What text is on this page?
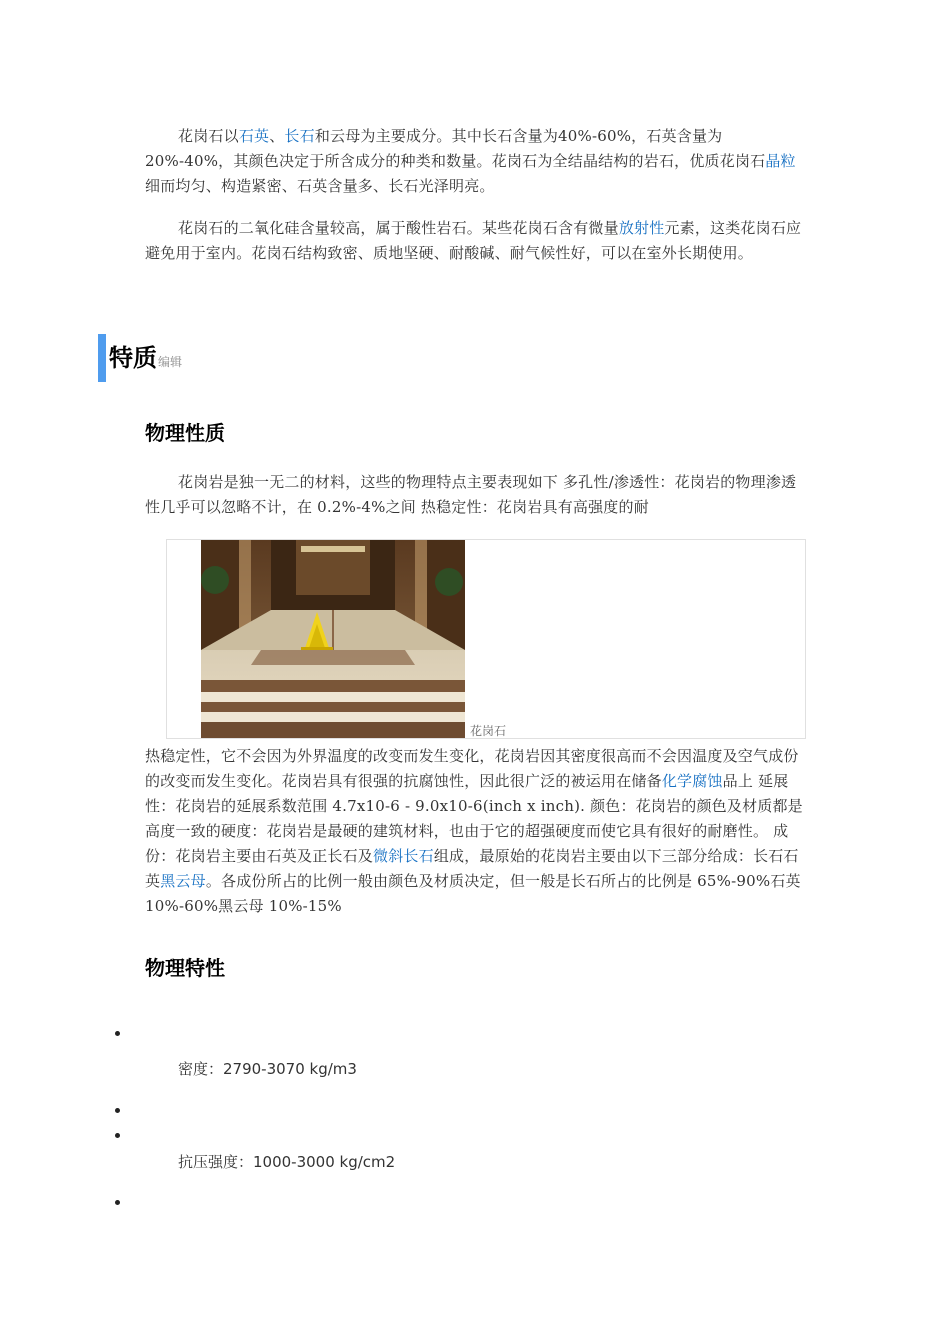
花岗石以石英、长石和云母为主要成分。其中长石含量为40%-60%，石英含量为20%-40%，其颜色决定于所含成分的种类和数量。花岗石为全结晶结构的岩石，优质花岗石晶粒细而均匀、构造紧密、石英含量多、长石光泽明亮。

花岗石的二氧化硅含量较高，属于酸性岩石。某些花岗石含有微量放射性元素，这类花岗石应避免用于室内。花岗石结构致密、质地坚硬、耐酸碱、耐气候性好，可以在室外长期使用。

特质编辑
物理性质

花岗岩是独一无二的材料，这些的物理特点主要表现如下 多孔性/渗透性：花岗岩的物理渗透性几乎可以忽略不计，在 0.2%-4%之间 热稳定性：花岗岩具有高强度的耐

花岗石

热稳定性，它不会因为外界温度的改变而发生变化，花岗岩因其密度很高而不会因温度及空气成份的改变而发生变化。花岗岩具有很强的抗腐蚀性，因此很广泛的被运用在储备化学腐蚀品上 延展性：花岗岩的延展系数范围 4.7x10-6 - 9.0x10-6(inch x inch). 颜色：花岗岩的颜色及材质都是高度一致的硬度：花岗岩是最硬的建筑材料，也由于它的超强硬度而使它具有很好的耐磨性。 成份：花岗岩主要由石英及正长石及微斜长石组成，最原始的花岗岩主要由以下三部分给成：长石石英黑云母。各成份所占的比例一般由颜色及材质决定，但一般是长石所占的比例是 65%-90%石英 10%-60%黑云母 10%-15%

物理特性

密度：2790-3070 kg/m3

抗压强度：1000-3000 kg/cm2
